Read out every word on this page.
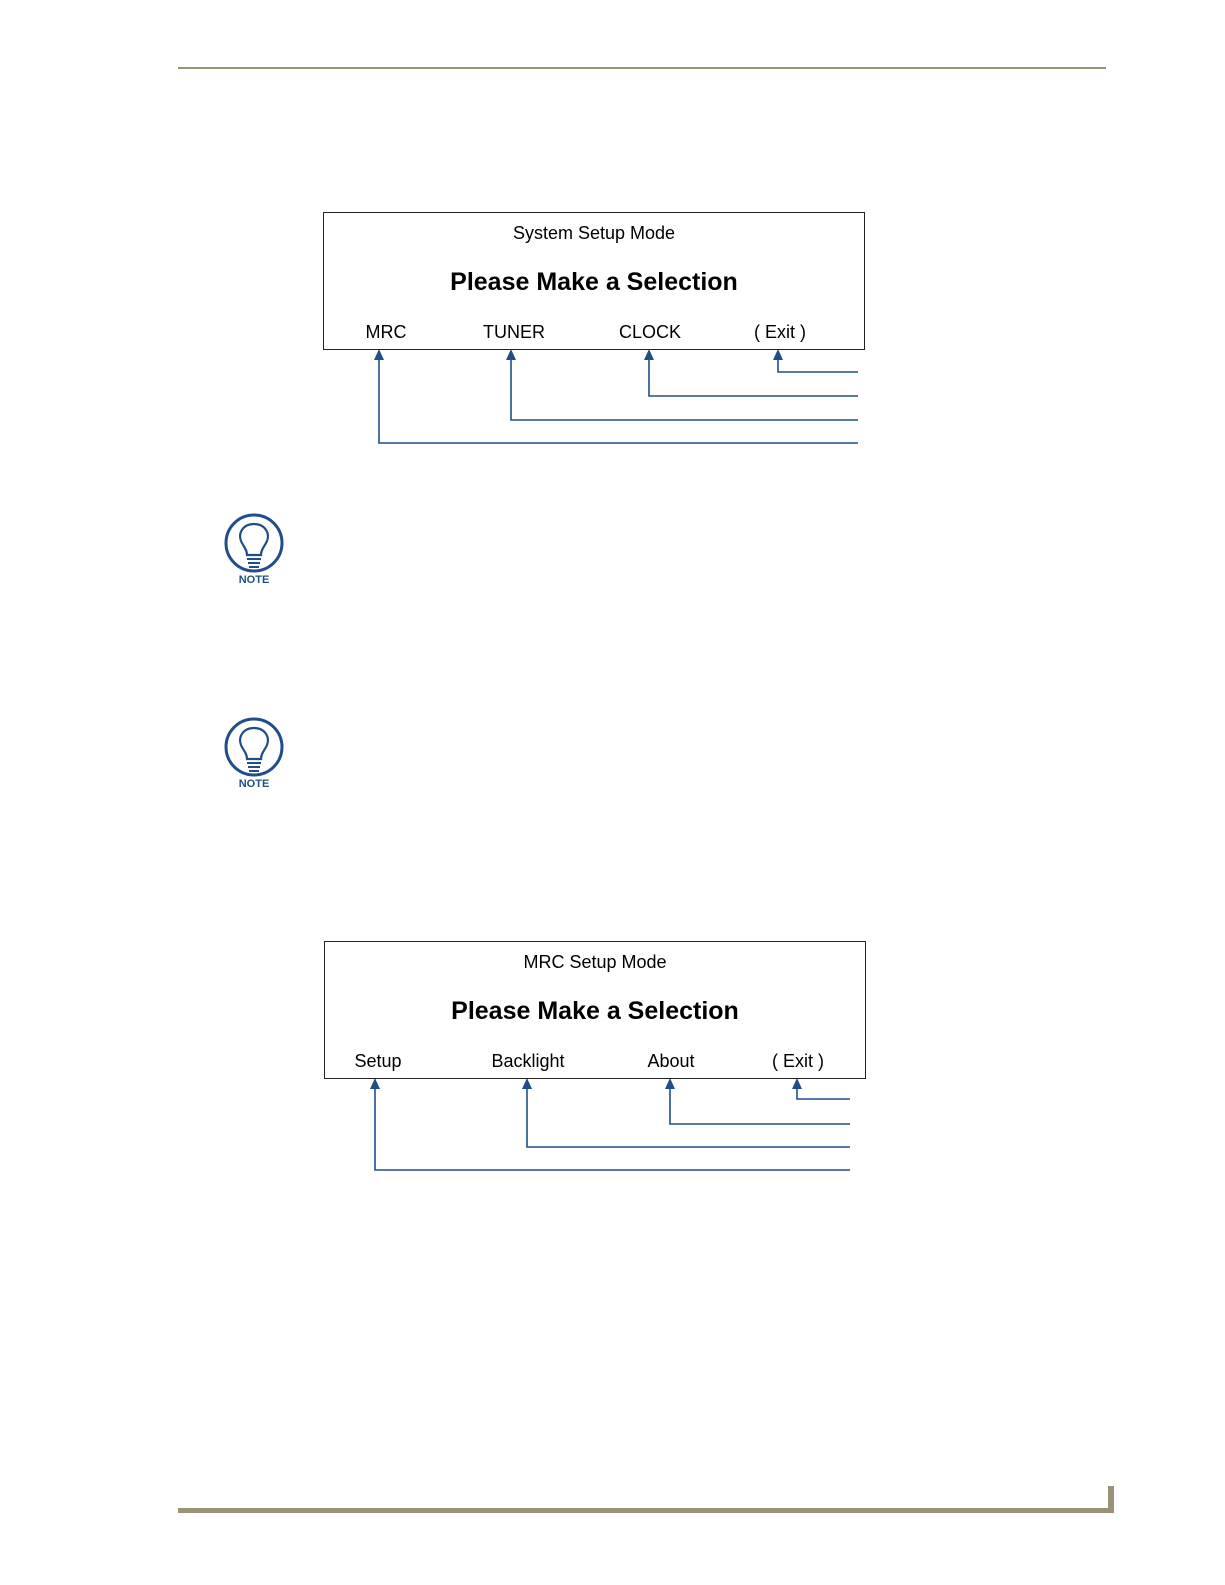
System Setup Mode
Please Make a Selection
MRC	TUNER	CLOCK	( Exit )
NOTE
NOTE
MRC Setup Mode
Please Make a Selection
Setup	Backlight	About	( Exit )
